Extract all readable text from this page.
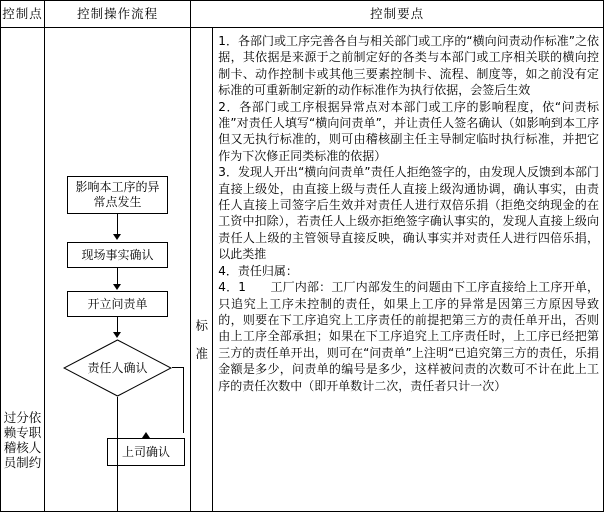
控制点	控制操作流程	控制要点

过分依赖专职稽核人员制约

影响本工序的异常点发生
现场事实确认
开立问责单
责任人确认
上司确认

标 准

1．各部门或工序完善各自与相关部门或工序的“横向问责动作标准”之依据，其依据是来源于之前制定好的各类与本部门或工序相关联的横向控制卡、动作控制卡或其他三要素控制卡、流程、制度等，如之前没有定标准的可重新制定新的动作标准作为执行依据，会签后生效

2．各部门或工序根据异常点对本部门或工序的影响程度，依“问责标准”对责任人填写“横向问责单”，并让责任人签名确认（如影响到本工序但又无执行标准的，则可由稽核副主任主导制定临时执行标准，并把它作为下次修正同类标准的依据）

3．发现人开出“横向问责单”责任人拒绝签字的，由发现人反馈到本部门直接上级处，由直接上级与责任人直接上级沟通协调，确认事实，由责任人直接上司签字后生效并对责任人进行双倍乐捐（拒绝交纳现金的在工资中扣除），若责任人上级亦拒绝签字确认事实的，发现人直接上级向责任人上级的主管领导直接反映，确认事实并对责任人进行四倍乐捐，以此类推

4．责任归属：

4．1　　工厂内部：工厂内部发生的问题由下工序直接给上工序开单，只追究上工序未控制的责任，如果上工序的异常是因第三方原因导致的，则要在下工序追究上工序责任的前提把第三方的责任单开出，否则由上工序全部承担；如果在下工序追究上工序责任时，上工序已经把第三方的责任单开出，则可在“问责单”上注明“已追究第三方的责任，乐捐金额是多少，问责单的编号是多少，这样被问责的次数可不计在此上工序的责任次数中（即开单数计二次，责任者只计一次）
